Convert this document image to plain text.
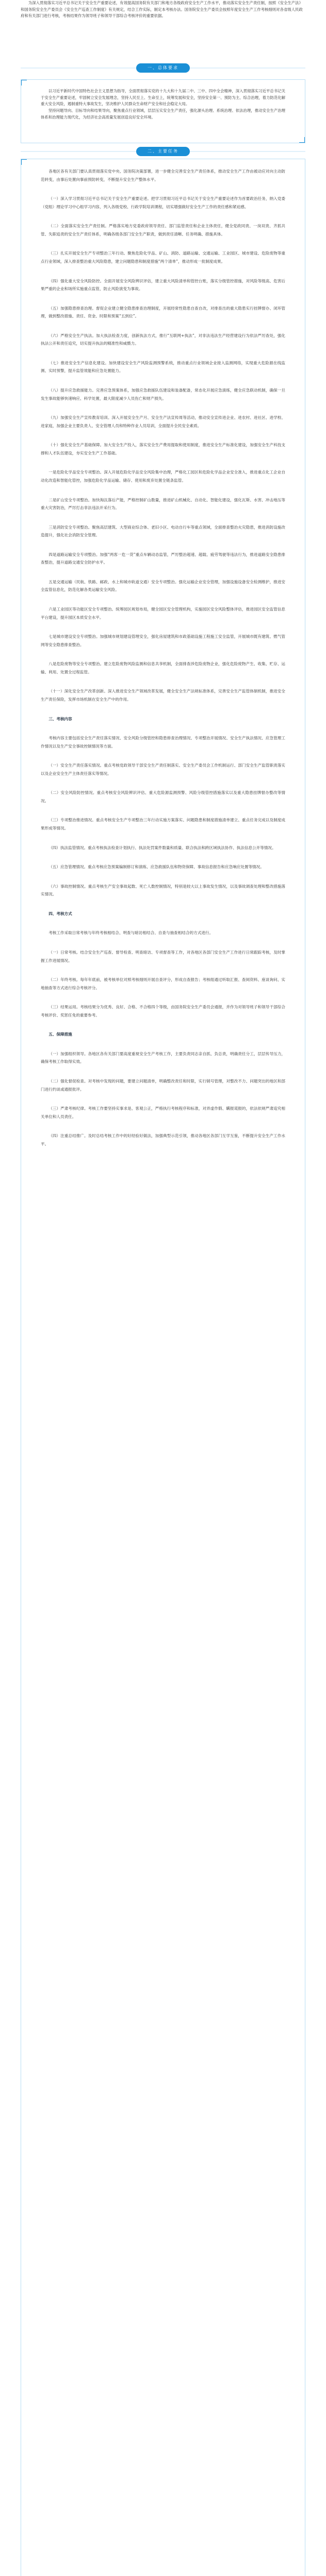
为深入贯彻落实习近平总书记关于安全生产重要论述，有效提高国务院有关部门和地方各级政府安全生产工作水平，推动落实安全生产责任制，按照《安全生产法》和国务院安全生产委员会《安全生产巡查工作制度》有关规定，结合工作实际，制定本考核办法。国务院安全生产委员会按照年度安全生产工作考核细则对各省级人民政府和有关部门进行考核，考核结果作为领导班子和领导干部综合考核评价的重要依据。

一、总体要求

以习近平新时代中国特色社会主义思想为指导，全面贯彻落实党的十九大和十九届二中、三中、四中全会精神，深入贯彻落实习近平总书记关于安全生产重要论述，牢固树立安全发展理念，坚持人民至上、生命至上，统筹发展和安全，坚持安全第一、预防为主、综合治理，着力防范化解重大安全风险，遏制重特大事故发生，坚决维护人民群众生命财产安全和社会稳定大局。

坚持问题导向、目标导向和结果导向，聚焦重点行业领域，层层压实安全生产责任，强化源头治理、系统治理、依法治理，推动安全生产治理体系和治理能力现代化，为经济社会高质量发展创造良好安全环境。

二、主要任务

各地区各有关部门要认真贯彻落实党中央、国务院决策部署，进一步健全完善安全生产责任体系，推动安全生产工作由被动应对向主动防范转变，由事后处置向事前预防转变，不断提升安全生产整体水平。

（一）深入学习贯彻习近平总书记关于安全生产重要论述。把学习贯彻习近平总书记关于安全生产重要论述作为首要政治任务，纳入党委（党组）理论学习中心组学习内容，列入各级党校、行政学院培训课程，切实增强做好安全生产工作的责任感和紧迫感。

（二）全面落实安全生产责任制。严格落实地方党委政府领导责任、部门监管责任和企业主体责任，健全党政同责、一岗双责、齐抓共管、失职追责的安全生产责任体系，明确各级各部门安全生产职责，做到责任清晰、任务明确、措施具体。

（三）扎实开展安全生产专项整治三年行动。聚焦危险化学品、矿山、消防、道路运输、交通运输、工业园区、城市建设、危险废物等重点行业领域，深入排查整治重大风险隐患，建立问题隐患和制度措施“两个清单”，推动形成一批制度成果。

（四）强化重大安全风险防控。全面开展安全风险辨识评估，建立重大风险清单和管控台账，落实分级管控措施，对风险等级高、危害后果严重的企业和场所实施重点监管，防止风险演变为事故。

（五）加强隐患排查治理。督促企业建立健全隐患排查治理制度，开展经常性隐患自查自改，对排查出的重大隐患实行挂牌督办、闭环管理，做到整改措施、责任、资金、时限和预案“五到位”。

（六）严格安全生产执法。加大执法检查力度，创新执法方式，推行“互联网+执法”，对非法违法生产经营建设行为依法严厉查处，强化执法公开和责任追究，切实提升执法的精准性和威慑力。

（七）推进安全生产信息化建设。加快建设安全生产风险监测预警系统，推动重点行业领域企业接入监测网络，实现重大危险源在线监测、实时预警，提升监管效能和应急处置能力。

（八）提升应急救援能力。完善应急预案体系，加强应急救援队伍建设和装备配备，常态化开展应急演练，健全应急联动机制，确保一旦发生事故能够快速响应、科学处置，最大限度减少人员伤亡和财产损失。

（九）加强安全生产宣传教育培训。深入开展安全生产月、安全生产法宣传周等活动，推动安全宣传进企业、进农村、进社区、进学校、进家庭，加强企业主要负责人、安全管理人员和特种作业人员培训，全面提升全民安全素质。

（十）强化安全生产基础保障。加大安全生产投入，落实安全生产费用提取和使用制度，推进安全生产标准化建设，加强安全生产科技支撑和人才队伍建设，夯实安全生产工作基础。

一是危险化学品安全专项整治。深入开展危险化学品安全风险集中治理，严格化工园区和危险化学品企业安全准入，推进重点化工企业自动化改造和智能化管控，加强危险化学品运输、储存、使用和废弃处置全链条监管。

二是矿山安全专项整治。加快淘汰落后产能，严格控制矿山数量，推进矿山机械化、自动化、智能化建设，强化瓦斯、水害、冲击地压等重大灾害防治，严厉打击非法违法开采行为。

三是消防安全专项整治。聚焦高层建筑、大型商业综合体、老旧小区、电动自行车等重点领域，全面排查整治火灾隐患，推进消防设施改造提升，强化社会消防安全管理。

四是道路运输安全专项整治。加强“两客一危一货”重点车辆动态监管，严厉整治超速、超载、疲劳驾驶等违法行为，推进道路安全隐患排查整治，提升道路交通安全防护水平。

五是交通运输（民航、铁路、邮政、水上和城市轨道交通）安全专项整治。强化运输企业安全管理，加强设施设备安全检测维护，推进安全监管信息化，防范化解各类运输安全风险。

六是工业园区等功能区安全专项整治。统筹园区规划布局，健全园区安全管理机构，实施园区安全风险整体评估，推进园区安全监管信息平台建设，提升园区本质安全水平。

七是城市建设安全专项整治。加强城市规划建设管理安全，强化房屋建筑和市政基础设施工程施工安全监管，开展城市既有建筑、燃气管网等安全隐患排查整治。

八是危险废物等安全专项整治。建立危险废物风险监测和信息共享机制，全面排查涉危险废物企业，强化危险废物产生、收集、贮存、运输、利用、处置全过程监管。

（十一）深化安全生产改革创新。深入推进安全生产领域改革发展，健全安全生产法规标准体系，完善安全生产监管体制机制，推进安全生产责任保险，发挥市场机制在安全生产中的作用。

三、考核内容

考核内容主要包括安全生产责任落实情况、安全风险分级管控和隐患排查治理情况、专项整治开展情况、安全生产执法情况、应急管理工作情况以及生产安全事故控制情况等方面。

（一）安全生产责任落实情况。重点考核党政领导干部安全生产责任制落实、安全生产委员会工作机制运行、部门安全生产监管职责落实以及企业安全生产主体责任落实等情况。

（二）安全风险防控情况。重点考核安全风险辨识评估、重大危险源监测预警、风险分级管控措施落实以及重大隐患挂牌督办整改等情况。

（三）专项整治推进情况。重点考核安全生产专项整治三年行动实施方案落实、问题隐患和制度措施清单建立、重点任务完成以及制度成果形成等情况。

（四）执法监管情况。重点考核执法检查计划执行、执法处罚案件数量和质量、联合执法和跨区域执法协作、执法信息公开等情况。

（五）应急管理情况。重点考核应急预案编制修订和演练、应急救援队伍和物资保障、事故信息报告和应急响应处置等情况。

（六）事故控制情况。重点考核生产安全事故起数、死亡人数控制情况，特别是较大以上事故发生情况，以及事故调查处理和整改措施落实情况。

四、考核方式

考核工作采取日常考核与年终考核相结合、明查与暗访相结合、自查与抽查相结合的方式进行。

（一）日常考核。结合安全生产巡查、督导检查、明查暗访、专项督查等工作，对各地区各部门安全生产工作进行日常跟踪考核，及时掌握工作进展情况。

（二）年终考核。每年年底前，被考核单位对照考核细则开展自查评分，形成自查报告；考核组通过听取汇报、查阅资料、座谈询问、实地抽查等方式进行综合考核评分。

（三）结果运用。考核结果分为优秀、良好、合格、不合格四个等级，由国务院安全生产委员会通报，并作为对领导班子和领导干部综合考核评价、奖惩任免的重要参考。

五、保障措施

（一）加强组织领导。各地区各有关部门要高度重视安全生产考核工作，主要负责同志亲自抓、负总责，明确责任分工，层层传导压力，确保考核工作取得实效。

（二）强化督促检查。对考核中发现的问题，要建立问题清单，明确整改责任和时限，实行销号管理，对整改不力、问题突出的地区和部门进行约谈或通报批评。

（三）严肃考核纪律。考核工作要坚持实事求是、客观公正，严格执行考核程序和标准，对弄虚作假、瞒报谎报的，依法依规严肃追究相关单位和人员责任。

（四）注重总结推广。及时总结考核工作中的好经验好做法，加强典型示范引领，推动各地区各部门互学互鉴，不断提升安全生产工作水平。
